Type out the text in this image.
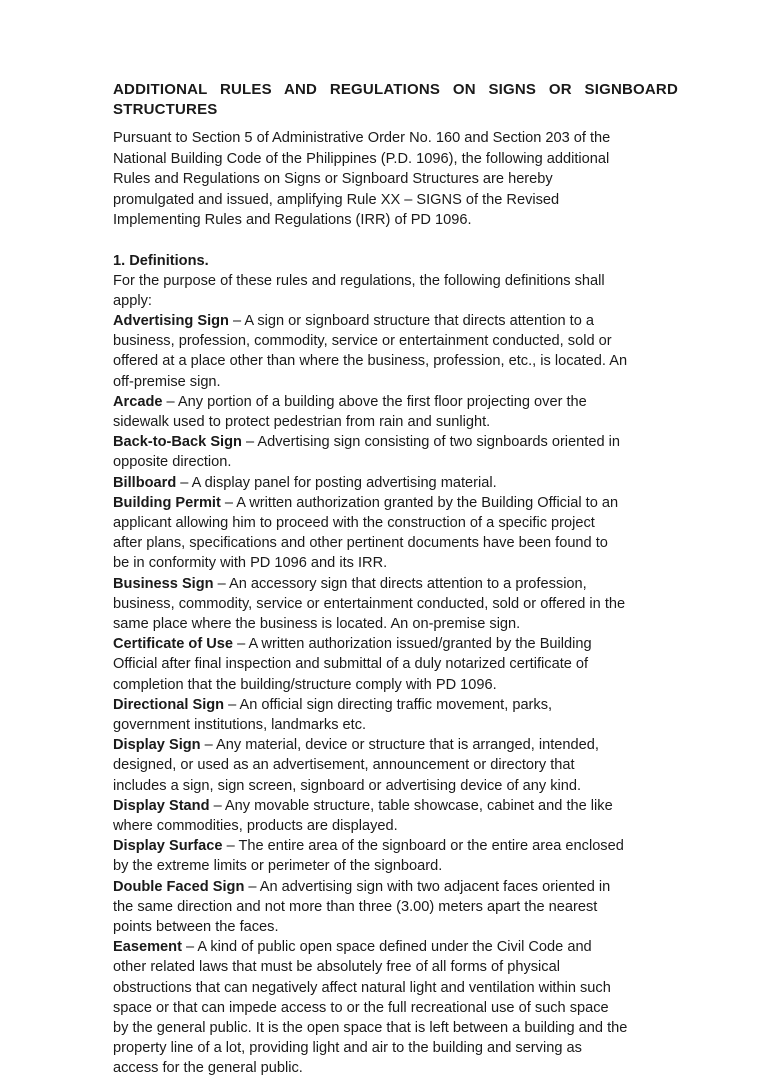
ADDITIONAL RULES AND REGULATIONS ON SIGNS OR SIGNBOARD STRUCTURES

Pursuant to Section 5 of Administrative Order No. 160 and Section 203 of the National Building Code of the Philippines (P.D. 1096), the following additional Rules and Regulations on Signs or Signboard Structures are hereby promulgated and issued, amplifying Rule XX – SIGNS of the Revised Implementing Rules and Regulations (IRR) of PD 1096.

1. Definitions.

For the purpose of these rules and regulations, the following definitions shall apply:

Advertising Sign – A sign or signboard structure that directs attention to a business, profession, commodity, service or entertainment conducted, sold or offered at a place other than where the business, profession, etc., is located. An off-premise sign.

Arcade – Any portion of a building above the first floor projecting over the sidewalk used to protect pedestrian from rain and sunlight.

Back-to-Back Sign – Advertising sign consisting of two signboards oriented in opposite direction.

Billboard – A display panel for posting advertising material.

Building Permit – A written authorization granted by the Building Official to an applicant allowing him to proceed with the construction of a specific project after plans, specifications and other pertinent documents have been found to be in conformity with PD 1096 and its IRR.

Business Sign – An accessory sign that directs attention to a profession, business, commodity, service or entertainment conducted, sold or offered in the same place where the business is located. An on-premise sign.

Certificate of Use – A written authorization issued/granted by the Building Official after final inspection and submittal of a duly notarized certificate of completion that the building/structure comply with PD 1096.

Directional Sign – An official sign directing traffic movement, parks, government institutions, landmarks etc.

Display Sign – Any material, device or structure that is arranged, intended, designed, or used as an advertisement, announcement or directory that includes a sign, sign screen, signboard or advertising device of any kind.

Display Stand – Any movable structure, table showcase, cabinet and the like where commodities, products are displayed.

Display Surface – The entire area of the signboard or the entire area enclosed by the extreme limits or perimeter of the signboard.

Double Faced Sign – An advertising sign with two adjacent faces oriented in the same direction and not more than three (3.00) meters apart the nearest points between the faces.

Easement – A kind of public open space defined under the Civil Code and other related laws that must be absolutely free of all forms of physical obstructions that can negatively affect natural light and ventilation within such space or that can impede access to or the full recreational use of such space by the general public. It is the open space that is left between a building and the property line of a lot, providing light and air to the building and serving as access for the general public.
